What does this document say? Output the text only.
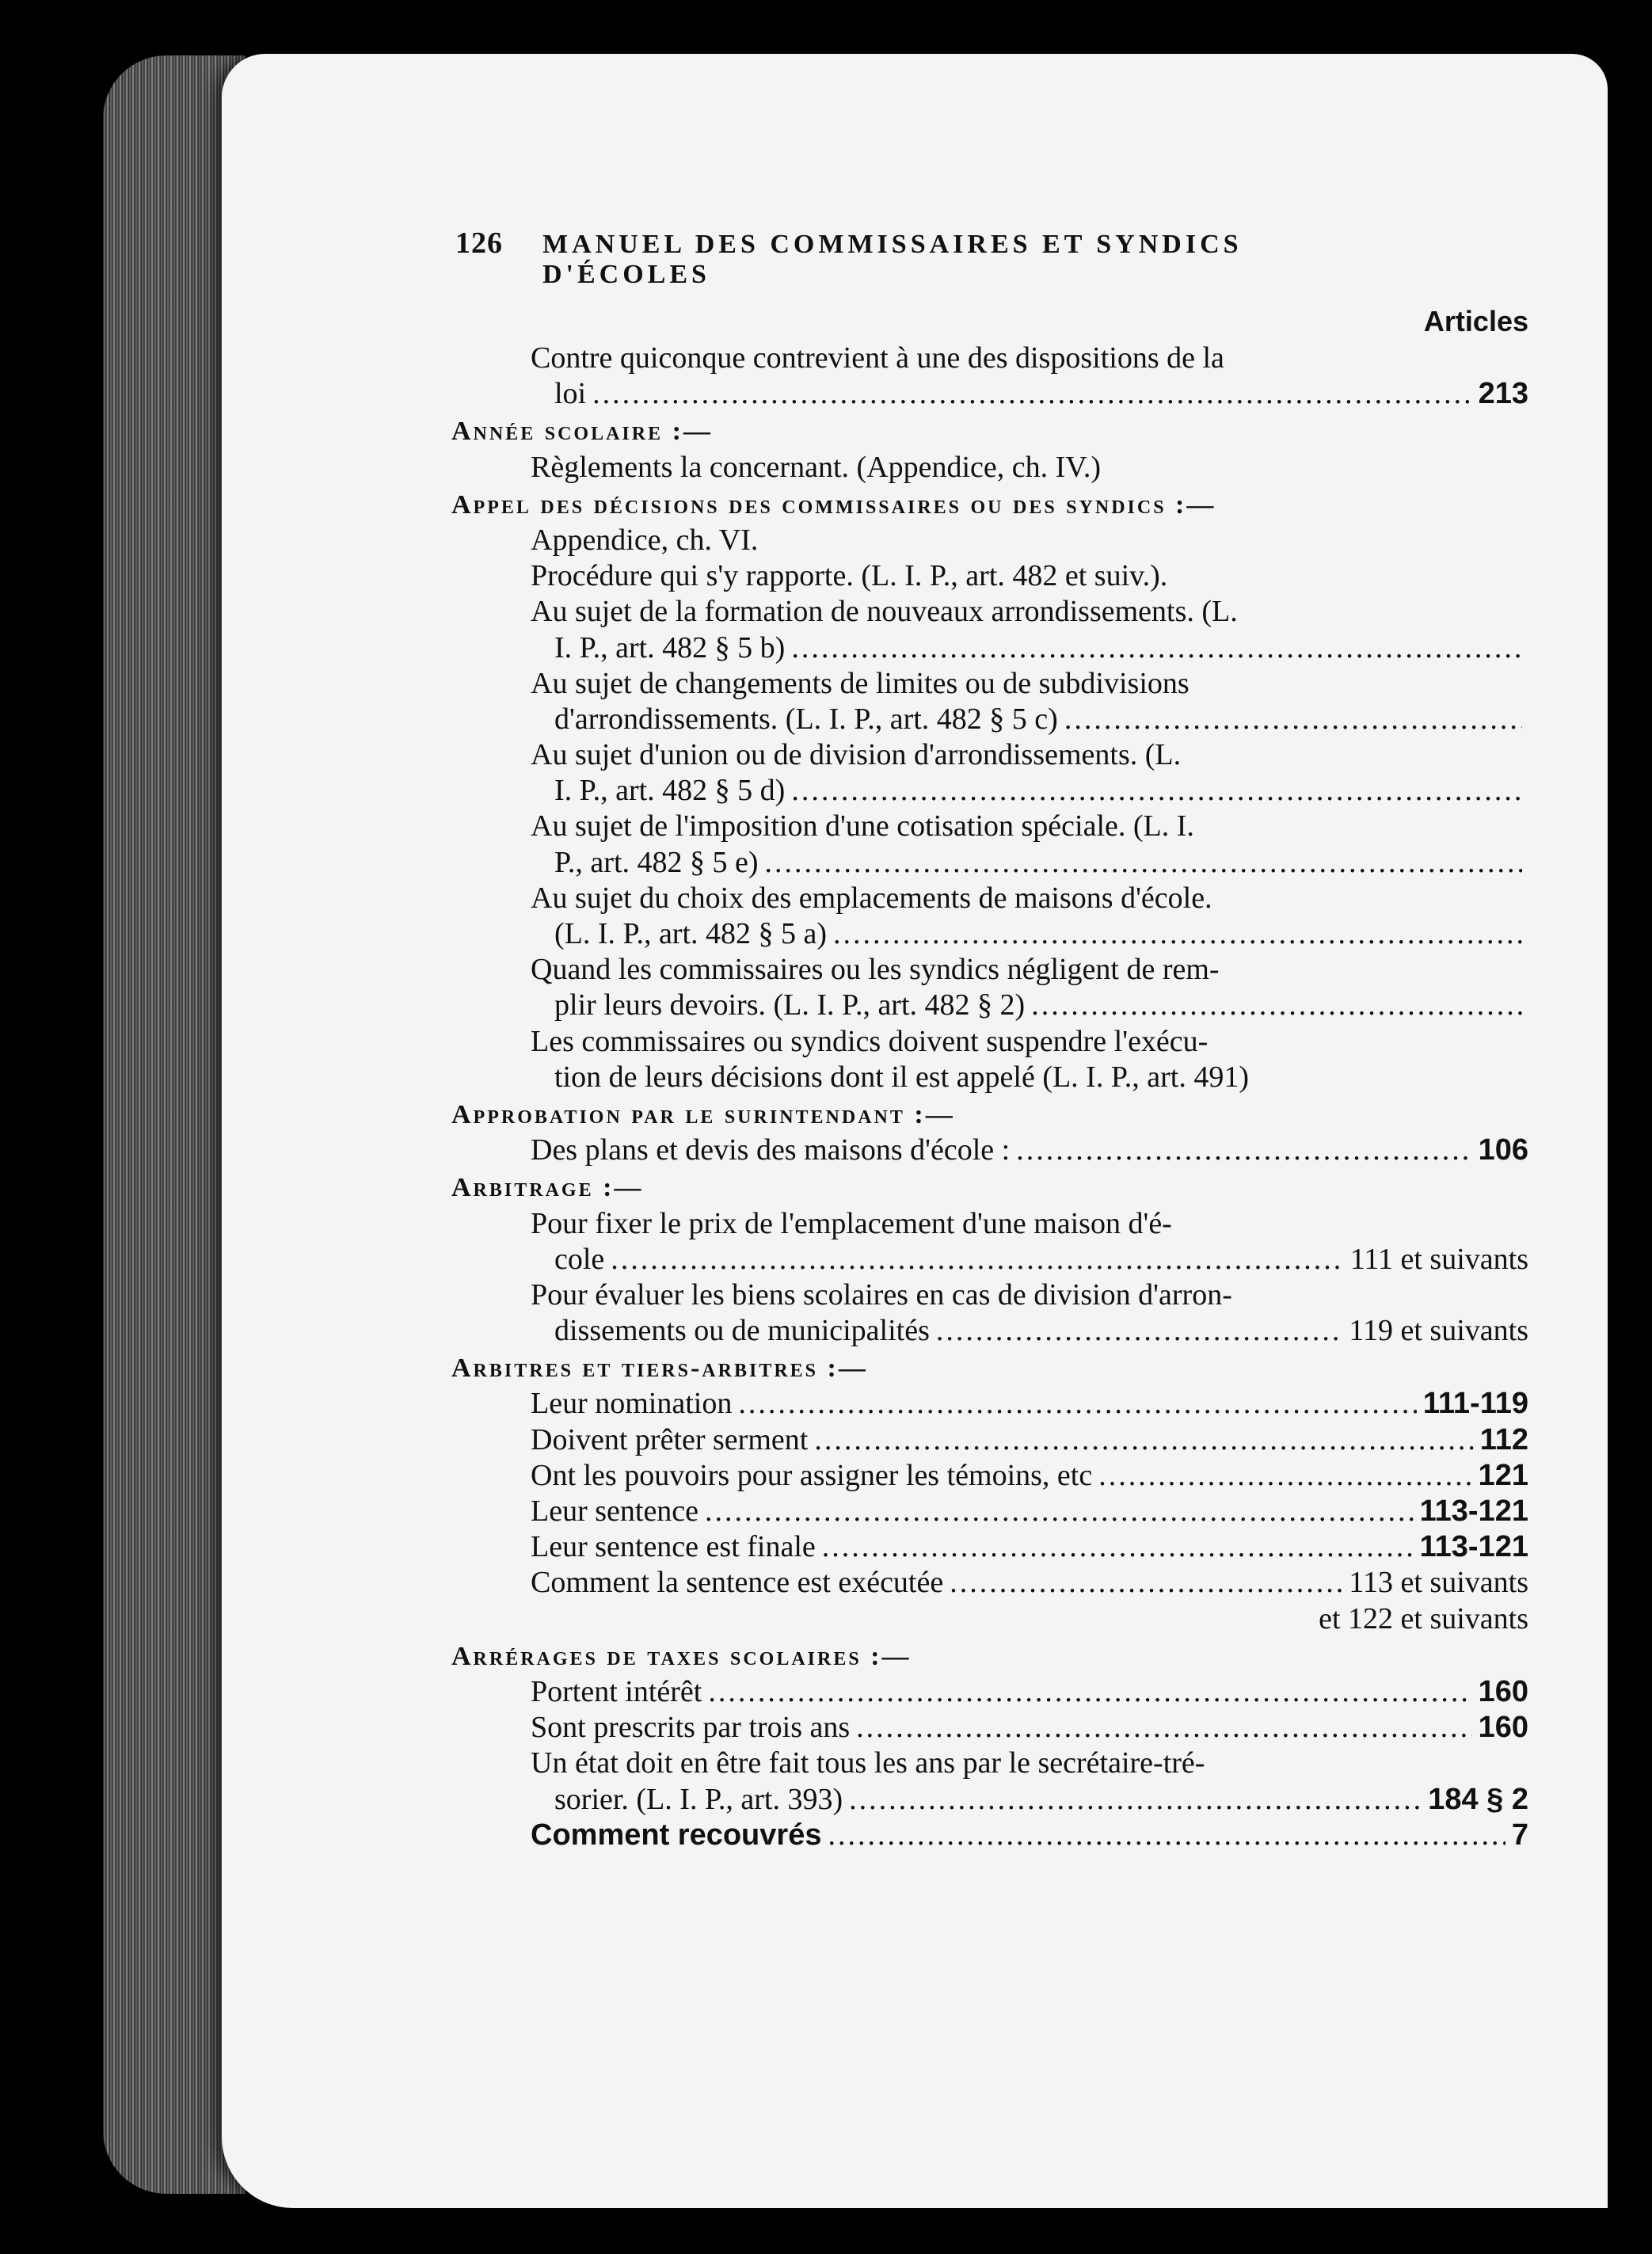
126 MANUEL DES COMMISSAIRES ET SYNDICS D'ÉCOLES
Articles
Contre quiconque contrevient à une des dispositions de la
loi .....	213
Année scolaire :—
Règlements la concernant. (Appendice, ch. IV.)
Appel des décisions des commissaires ou des syndics :—
Appendice, ch. VI.
Procédure qui s'y rapporte. (L. I. P., art. 482 et suiv.).
Au sujet de la formation de nouveaux arrondissements. (L.
I. P., art. 482 § 5 b)
.....
Au sujet de changements de limites ou de subdivisions
d'arrondissements. (L. I. P., art. 482 § 5 c)
.....
Au sujet d'union ou de division d'arrondissements. (L.
I. P., art. 482 § 5 d)
.....
Au sujet de l'imposition d'une cotisation spéciale. (L. I.
P., art. 482 § 5 e)
.....
Au sujet du choix des emplacements de maisons d'école.
(L. I. P., art. 482 § 5 a)
.....
Quand les commissaires ou les syndics négligent de rem-
plir leurs devoirs. (L. I. P., art. 482 § 2)
.....
Les commissaires ou syndics doivent suspendre l'exécu-
tion de leurs décisions dont il est appelé (L. I. P., art. 491)
Approbation par le surintendant :—
Des plans et devis des maisons d'école : .....	106
Arbitrage :—
Pour fixer le prix de l'emplacement d'une maison d'é-
cole .....	111 et suivants
Pour évaluer les biens scolaires en cas de division d'arron-
dissements ou de municipalités .....	119 et suivants
Arbitres et tiers-arbitres :—
Leur nomination .....	111-119
Doivent prêter serment .....	112
Ont les pouvoirs pour assigner les témoins, etc .....	121
Leur sentence .....	113-121
Leur sentence est finale .....	113-121
Comment la sentence est exécutée .....	113 et suivants
et 122 et suivants
Arrérages de taxes scolaires :—
Portent intérêt .....	160
Sont prescrits par trois ans .....	160
Un état doit en être fait tous les ans par le secrétaire-tré-
sorier. (L. I. P., art. 393) .....	184 § 2
Comment recouvrés .....	7
